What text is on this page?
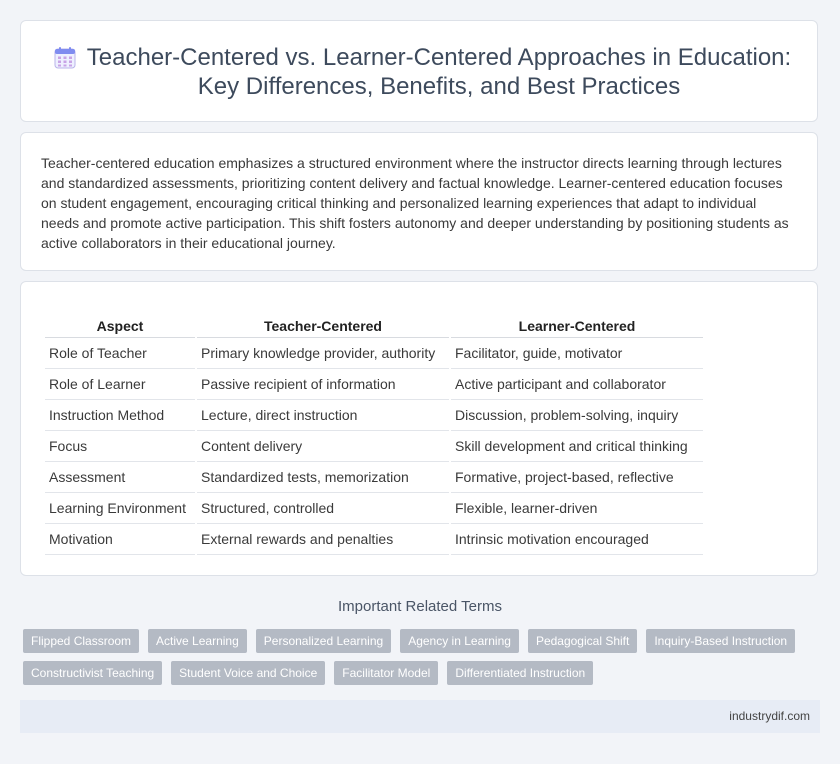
Teacher-Centered vs. Learner-Centered Approaches in Education: Key Differences, Benefits, and Best Practices

Teacher-centered education emphasizes a structured environment where the instructor directs learning through lectures and standardized assessments, prioritizing content delivery and factual knowledge. Learner-centered education focuses on student engagement, encouraging critical thinking and personalized learning experiences that adapt to individual needs and promote active participation. This shift fosters autonomy and deeper understanding by positioning students as active collaborators in their educational journey.

Aspect	Teacher-Centered	Learner-Centered
Role of Teacher	Primary knowledge provider, authority	Facilitator, guide, motivator
Role of Learner	Passive recipient of information	Active participant and collaborator
Instruction Method	Lecture, direct instruction	Discussion, problem-solving, inquiry
Focus	Content delivery	Skill development and critical thinking
Assessment	Standardized tests, memorization	Formative, project-based, reflective
Learning Environment	Structured, controlled	Flexible, learner-driven
Motivation	External rewards and penalties	Intrinsic motivation encouraged
Important Related Terms
Flipped Classroom	Active Learning	Personalized Learning	Agency in Learning	Pedagogical Shift	Inquiry-Based Instruction
Constructivist Teaching	Student Voice and Choice	Facilitator Model	Differentiated Instruction
industrydif.com
